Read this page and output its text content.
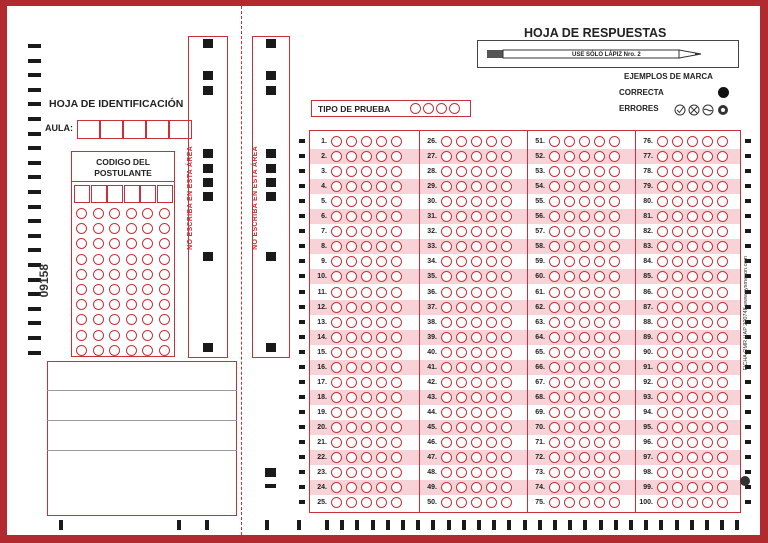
HOJA DE IDENTIFICACIÓN
AULA:
CODIGO DEL POSTULANTE
09158
NO ESCRIBA EN ESTA ÁREA	NO ESCRIBA EN ESTA ÁREA
HOJA DE RESPUESTAS
USE SÓLO LÁPIZ Nro. 2
EJEMPLOS DE MARCA
CORRECTA
ERRORES
TIPO DE PRUEBA
1.
2.
3.
4.
5.
6.
7.
8.
9.
10.
11.
12.
13.
14.
15.
16.
17.
18.
19.
20.
21.
22.
23.
24.
25.
26.
27.
28.
29.
30.
31.
32.
33.
34.
35.
36.
37.
38.
39.
40.
41.
42.
43.
44.
45.
46.
47.
48.
49.
50.
51.
52.
53.
54.
55.
56.
57.
58.
59.
60.
61.
62.
63.
64.
65.
66.
67.
68.
69.
70.
71.
72.
73.
74.
75.
76.
77.
78.
79.
80.
81.
82.
83.
84.
85.
86.
87.
88.
89.
90.
91.
92.
93.
94.
95.
96.
97.
98.
99.
100.
FICHA OMR UAP 200748 www.sysmason.com
